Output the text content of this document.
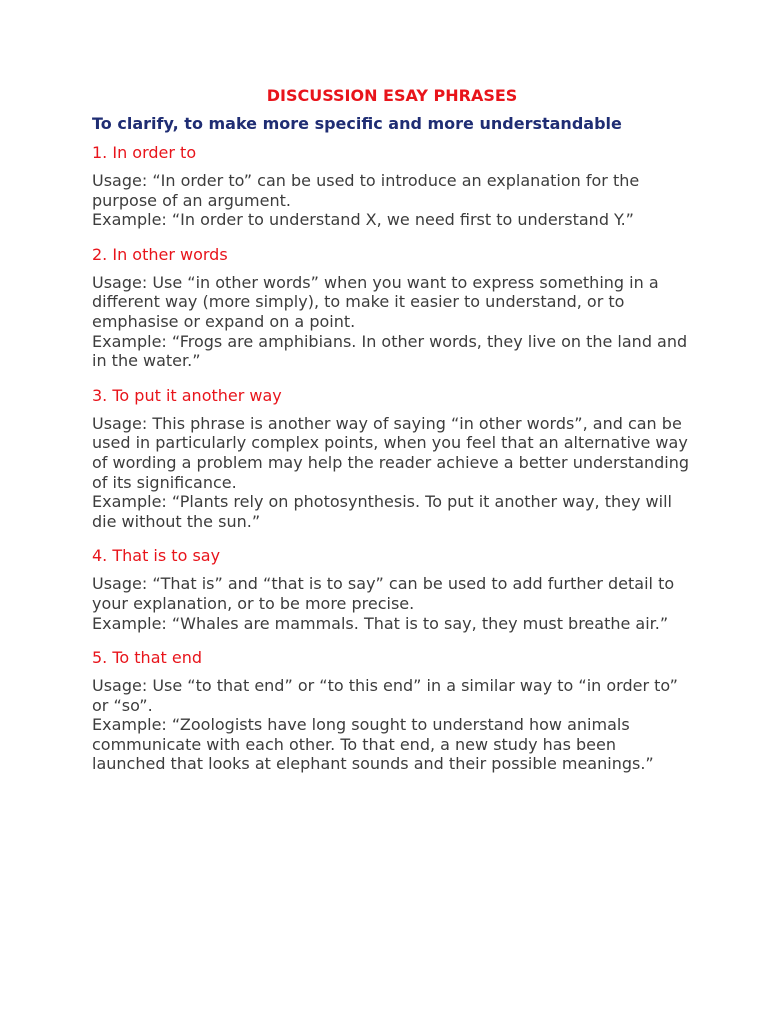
DISCUSSION ESAY PHRASES
To clarify, to make more specific and more understandable
1. In order to

Usage: “In order to” can be used to introduce an explanation for the purpose of an argument.

Example: “In order to understand X, we need first to understand Y.”

2. In other words

Usage: Use “in other words” when you want to express something in a different way (more simply), to make it easier to understand, or to emphasise or expand on a point.

Example: “Frogs are amphibians. In other words, they live on the land and in the water.”

3. To put it another way

Usage: This phrase is another way of saying “in other words”, and can be used in particularly complex points, when you feel that an alternative way of wording a problem may help the reader achieve a better understanding of its significance.

Example: “Plants rely on photosynthesis. To put it another way, they will die without the sun.”

4. That is to say

Usage: “That is” and “that is to say” can be used to add further detail to your explanation, or to be more precise.

Example: “Whales are mammals. That is to say, they must breathe air.”

5. To that end

Usage: Use “to that end” or “to this end” in a similar way to “in order to” or “so”.

Example: “Zoologists have long sought to understand how animals communicate with each other. To that end, a new study has been launched that looks at elephant sounds and their possible meanings.”
